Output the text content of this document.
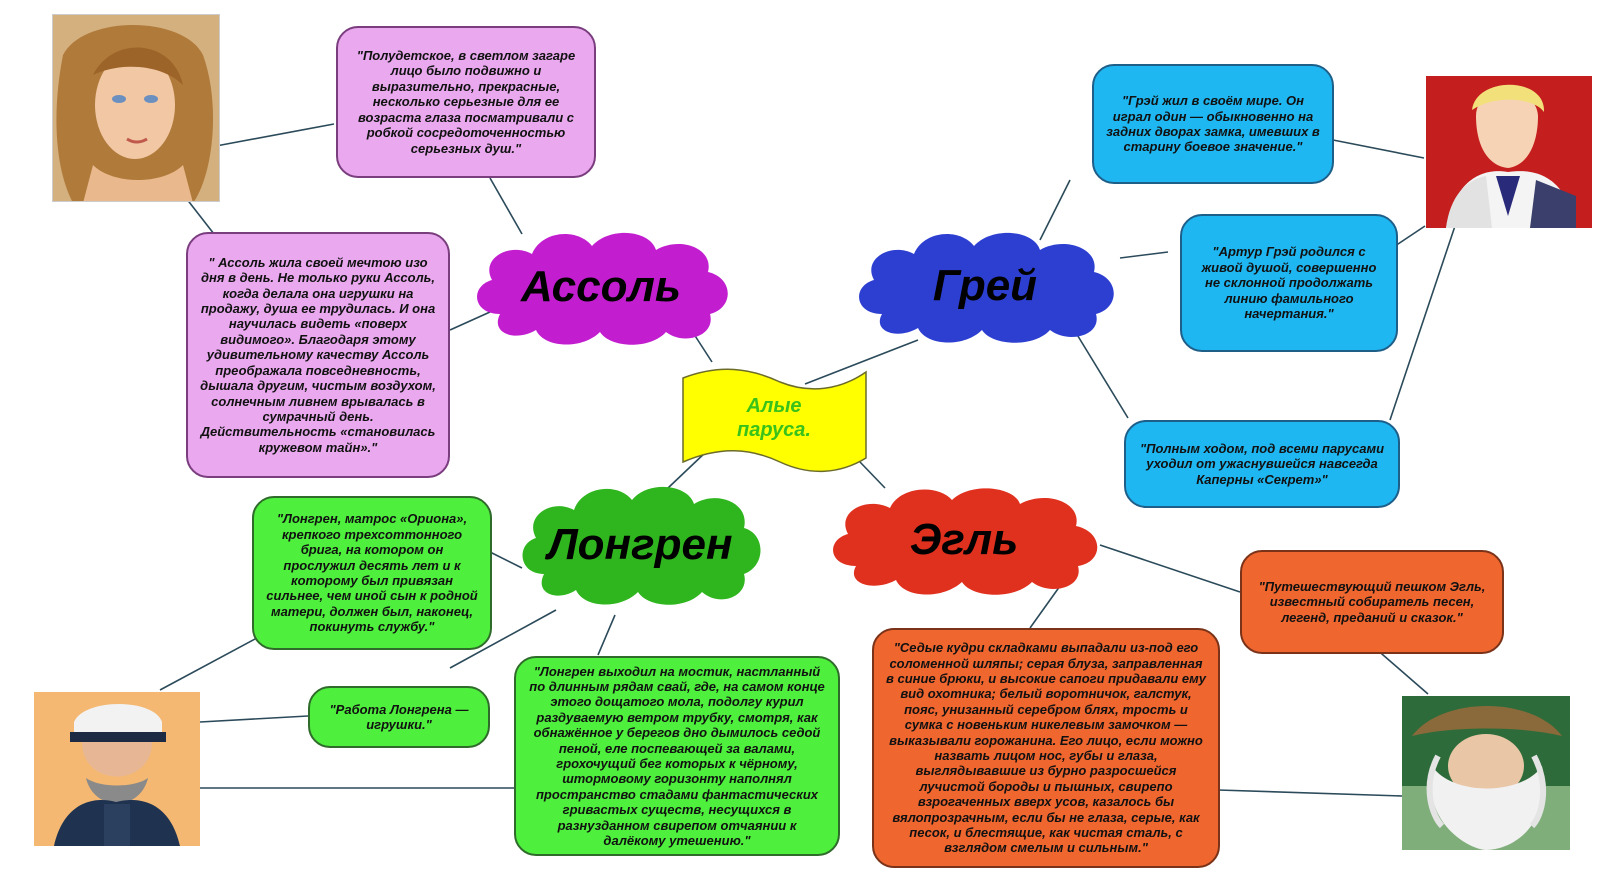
Алые
паруса.
Ассоль	Грей
Лонгрен	Эгль
"Полудетское, в светлом загаре лицо было подвижно и выразительно, прекрасные, несколько серьезные для ее возраста глаза посматривали с робкой сосредоточенностью серьезных душ."
" Ассоль жила своей мечтою изо дня в день. Не только руки Ассоль, когда делала она игрушки на продажу, душа ее трудилась. И она научилась видеть «поверх видимого». Благодаря этому удивительному качеству Ассоль преображала повседневность, дышала другим, чистым воздухом, солнечным ливнем врывалась в сумрачный день. Действительность «становилась кружевом тайн»."
"Грэй жил в своём мире. Он играл один — обыкновенно на задних дворах замка, имевших в старину боевое значение."
"Артур Грэй родился с живой душой, совершенно не склонной продолжать линию фамильного начертания."
"Полным ходом, под всеми парусами уходил от ужаснувшейся навсегда Каперны «Секрет»"
"Лонгрен, матрос «Ориона», крепкого трехсоттонного брига, на котором он прослужил десять лет и к которому был привязан сильнее, чем иной сын к родной матери, должен был, наконец, покинуть службу."
"Работа Лонгрена — игрушки."
"Лонгрен выходил на мостик, настланный по длинным рядам свай, где, на самом конце этого дощатого мола, подолгу курил раздуваемую ветром трубку, смотря, как обнажённое у берегов дно дымилось седой пеной, еле поспевающей за валами, грохочущий бег которых к чёрному, штормовому горизонту наполнял пространство стадами фантастических гривастых существ, несущихся в разнузданном свирепом отчаянии к далёкому утешению."
"Путешествующий пешком Эгль, известный собиратель песен, легенд, преданий и сказок."
"Седые кудри складками выпадали из-под его соломенной шляпы; серая блуза, заправленная в синие брюки, и высокие сапоги придавали ему вид охотника; белый воротничок, галстук, пояс, унизанный серебром блях, трость и сумка с новеньким никелевым замочком — выказывали горожанина. Его лицо, если можно назвать лицом нос, губы и глаза, выглядывавшие из бурно разросшейся лучистой бороды и пышных, свирепо взрогаченных вверх усов, казалось бы вялопрозрачным, если бы не глаза, серые, как песок, и блестящие, как чистая сталь, с взглядом смелым и сильным."
